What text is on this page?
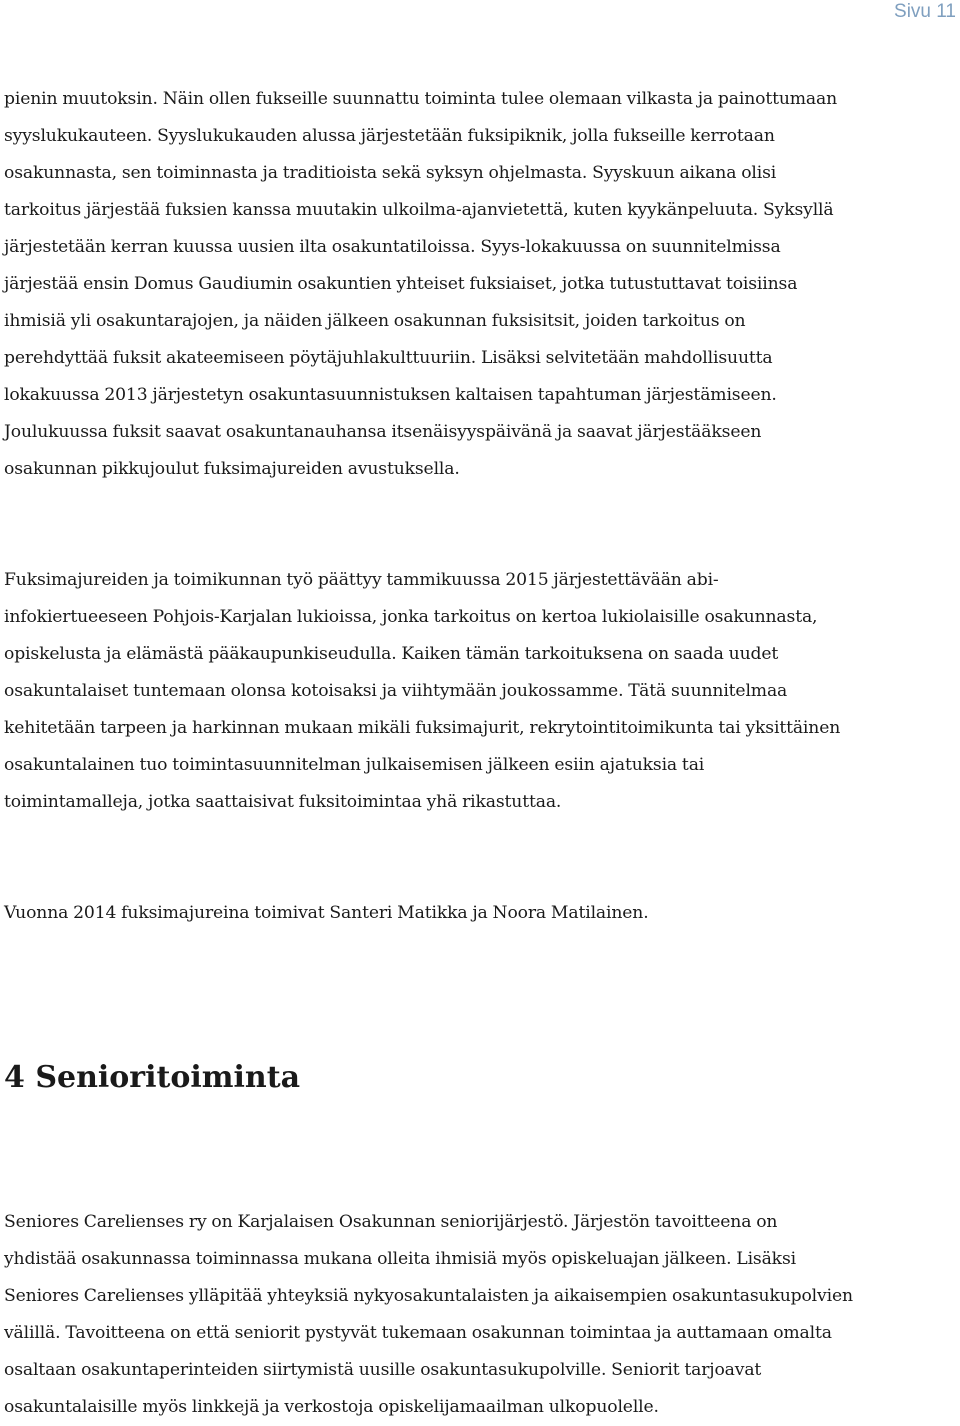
Sivu 11

pienin muutoksin. Näin ollen fukseille suunnattu toiminta tulee olemaan vilkasta ja painottumaan
syyslukukauteen. Syyslukukauden alussa järjestetään fuksipiknik, jolla fukseille kerrotaan
osakunnasta, sen toiminnasta ja traditioista sekä syksyn ohjelmasta. Syyskuun aikana olisi
tarkoitus järjestää fuksien kanssa muutakin ulkoilma-ajanvietettä, kuten kyykänpeluuta. Syksyllä
järjestetään kerran kuussa uusien ilta osakuntatiloissa. Syys-lokakuussa on suunnitelmissa
järjestää ensin Domus Gaudiumin osakuntien yhteiset fuksiaiset, jotka tutustuttavat toisiinsa
ihmisiä yli osakuntarajojen, ja näiden jälkeen osakunnan fuksisitsit, joiden tarkoitus on
perehdyttää fuksit akateemiseen pöytäjuhlakulttuuriin. Lisäksi selvitetään mahdollisuutta
lokakuussa 2013 järjestetyn osakuntasuunnistuksen kaltaisen tapahtuman järjestämiseen.
Joulukuussa fuksit saavat osakuntanauhansa itsenäisyyspäivänä ja saavat järjestääkseen
osakunnan pikkujoulut fuksimajureiden avustuksella.

Fuksimajureiden ja toimikunnan työ päättyy tammikuussa 2015 järjestettävään abi-
infokiertueeseen Pohjois-Karjalan lukioissa, jonka tarkoitus on kertoa lukiolaisille osakunnasta,
opiskelusta ja elämästä pääkaupunkiseudulla. Kaiken tämän tarkoituksena on saada uudet
osakuntalaiset tuntemaan olonsa kotoisaksi ja viihtymään joukossamme. Tätä suunnitelmaa
kehitetään tarpeen ja harkinnan mukaan mikäli fuksimajurit, rekrytointitoimikunta tai yksittäinen
osakuntalainen tuo toimintasuunnitelman julkaisemisen jälkeen esiin ajatuksia tai
toimintamalleja, jotka saattaisivat fuksitoimintaa yhä rikastuttaa.

Vuonna 2014 fuksimajureina toimivat Santeri Matikka ja Noora Matilainen.

4 Senioritoiminta

Seniores Carelienses ry on Karjalaisen Osakunnan seniorijärjestö. Järjestön tavoitteena on
yhdistää osakunnassa toiminnassa mukana olleita ihmisiä myös opiskeluajan jälkeen. Lisäksi
Seniores Carelienses ylläpitää yhteyksiä nykyosakuntalaisten ja aikaisempien osakuntasukupolvien
välillä. Tavoitteena on että seniorit pystyvät tukemaan osakunnan toimintaa ja auttamaan omalta
osaltaan osakuntaperinteiden siirtymistä uusille osakuntasukupolville. Seniorit tarjoavat
osakuntalaisille myös linkkejä ja verkostoja opiskelijamaailman ulkopuolelle.
